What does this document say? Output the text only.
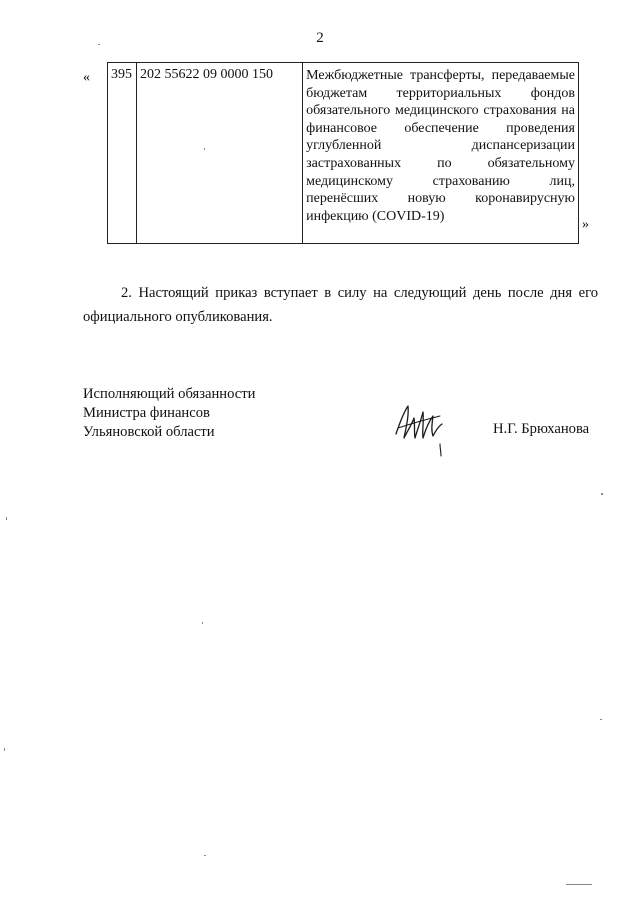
2
« 395	202 55622 09 0000 150	Межбюджетные трансферты, передаваемые бюджетам территориальных фондов обязательного медицинского страхования на финансовое обеспечение проведения углубленной диспансеризации застрахованных по обязательному медицинскому страхованию лиц, перенёсших новую коронавирусную инфекцию (COVID-19)
»
2. Настоящий приказ вступает в силу на следующий день после дня его официального опубликования.
Исполняющий обязанности
Министра финансов
Ульяновской области	Н.Г. Брюханова
